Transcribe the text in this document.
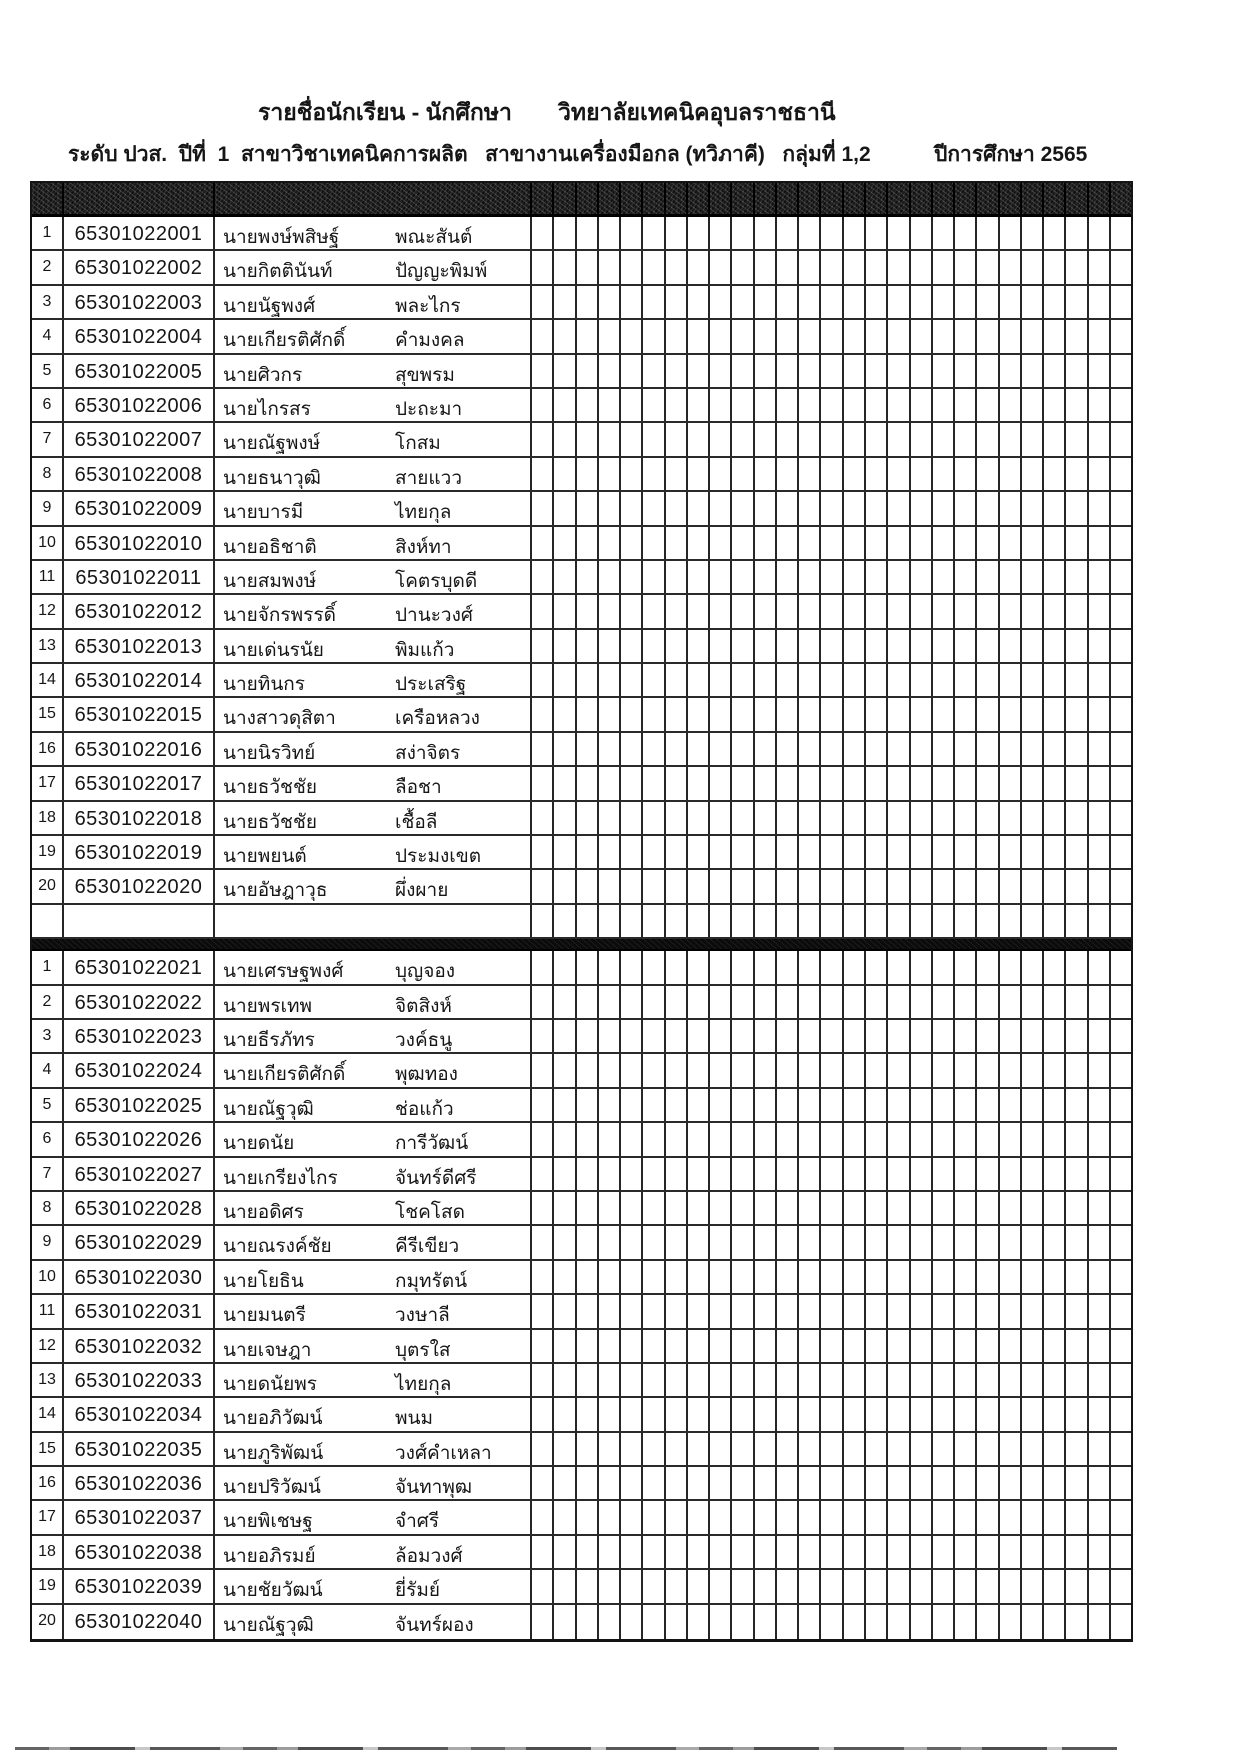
รายชื่อนักเรียน - นักศึกษา วิทยาลัยเทคนิคอุบลราชธานี
ระดับ ปวส.  ปีที่  1  สาขาวิชาเทคนิคการผลิต   สาขางานเครื่องมือกล (ทวิภาคี)   กลุ่มที่ 1,2	ปีการศึกษา 2565
1	65301022001	นายพงษ์พสิษฐ์	พณะสันต์
2	65301022002	นายกิตตินันท์	ปัญญะพิมพ์
3	65301022003	นายนัฐพงศ์	พละไกร
4	65301022004	นายเกียรติศักดิ์	คำมงคล
5	65301022005	นายศิวกร	สุขพรม
6	65301022006	นายไกรสร	ปะถะมา
7	65301022007	นายณัฐพงษ์	โกสม
8	65301022008	นายธนาวุฒิ	สายแวว
9	65301022009	นายบารมี	ไทยกุล
10 65301022010	นายอธิชาติ	สิงห์ทา
11	65301022011	นายสมพงษ์	โคตรบุดดี
12 65301022012	นายจักรพรรดิ์	ปานะวงศ์
13 65301022013	นายเด่นรนัย	พิมแก้ว
14 65301022014	นายทินกร	ประเสริฐ
15 65301022015	นางสาวดุสิตา	เครือหลวง
16 65301022016	นายนิรวิทย์	สง่าจิตร
17 65301022017	นายธวัชชัย	ลือชา
18 65301022018	นายธวัชชัย	เชื้อลี
19 65301022019	นายพยนต์	ประมงเขต
20 65301022020	นายอัษฎาวุธ	ผึ่งผาย
1	65301022021	นายเศรษฐพงศ์	บุญจอง
2	65301022022	นายพรเทพ	จิตสิงห์
3	65301022023	นายธีรภัทร	วงค์ธนู
4	65301022024	นายเกียรติศักดิ์	พุฒทอง
5	65301022025	นายณัฐวุฒิ	ช่อแก้ว
6	65301022026	นายดนัย	การีวัฒน์
7	65301022027	นายเกรียงไกร	จันทร์ดีศรี
8	65301022028	นายอดิศร	โชคโสด
9	65301022029	นายณรงค์ชัย	คีรีเขียว
10 65301022030	นายโยธิน	กมุทรัตน์
11 65301022031	นายมนตรี	วงษาลี
12 65301022032	นายเจษฎา	บุตรใส
13 65301022033	นายดนัยพร	ไทยกุล
14 65301022034	นายอภิวัฒน์	พนม
15 65301022035	นายภูริพัฒน์	วงศ์คำเหลา
16 65301022036	นายปริวัฒน์	จันทาพุฒ
17 65301022037	นายพิเชษฐ	จำศรี
18 65301022038	นายอภิรมย์	ล้อมวงศ์
19 65301022039	นายชัยวัฒน์	ยี่รัมย์
20 65301022040	นายณัฐวุฒิ	จันทร์ผอง
